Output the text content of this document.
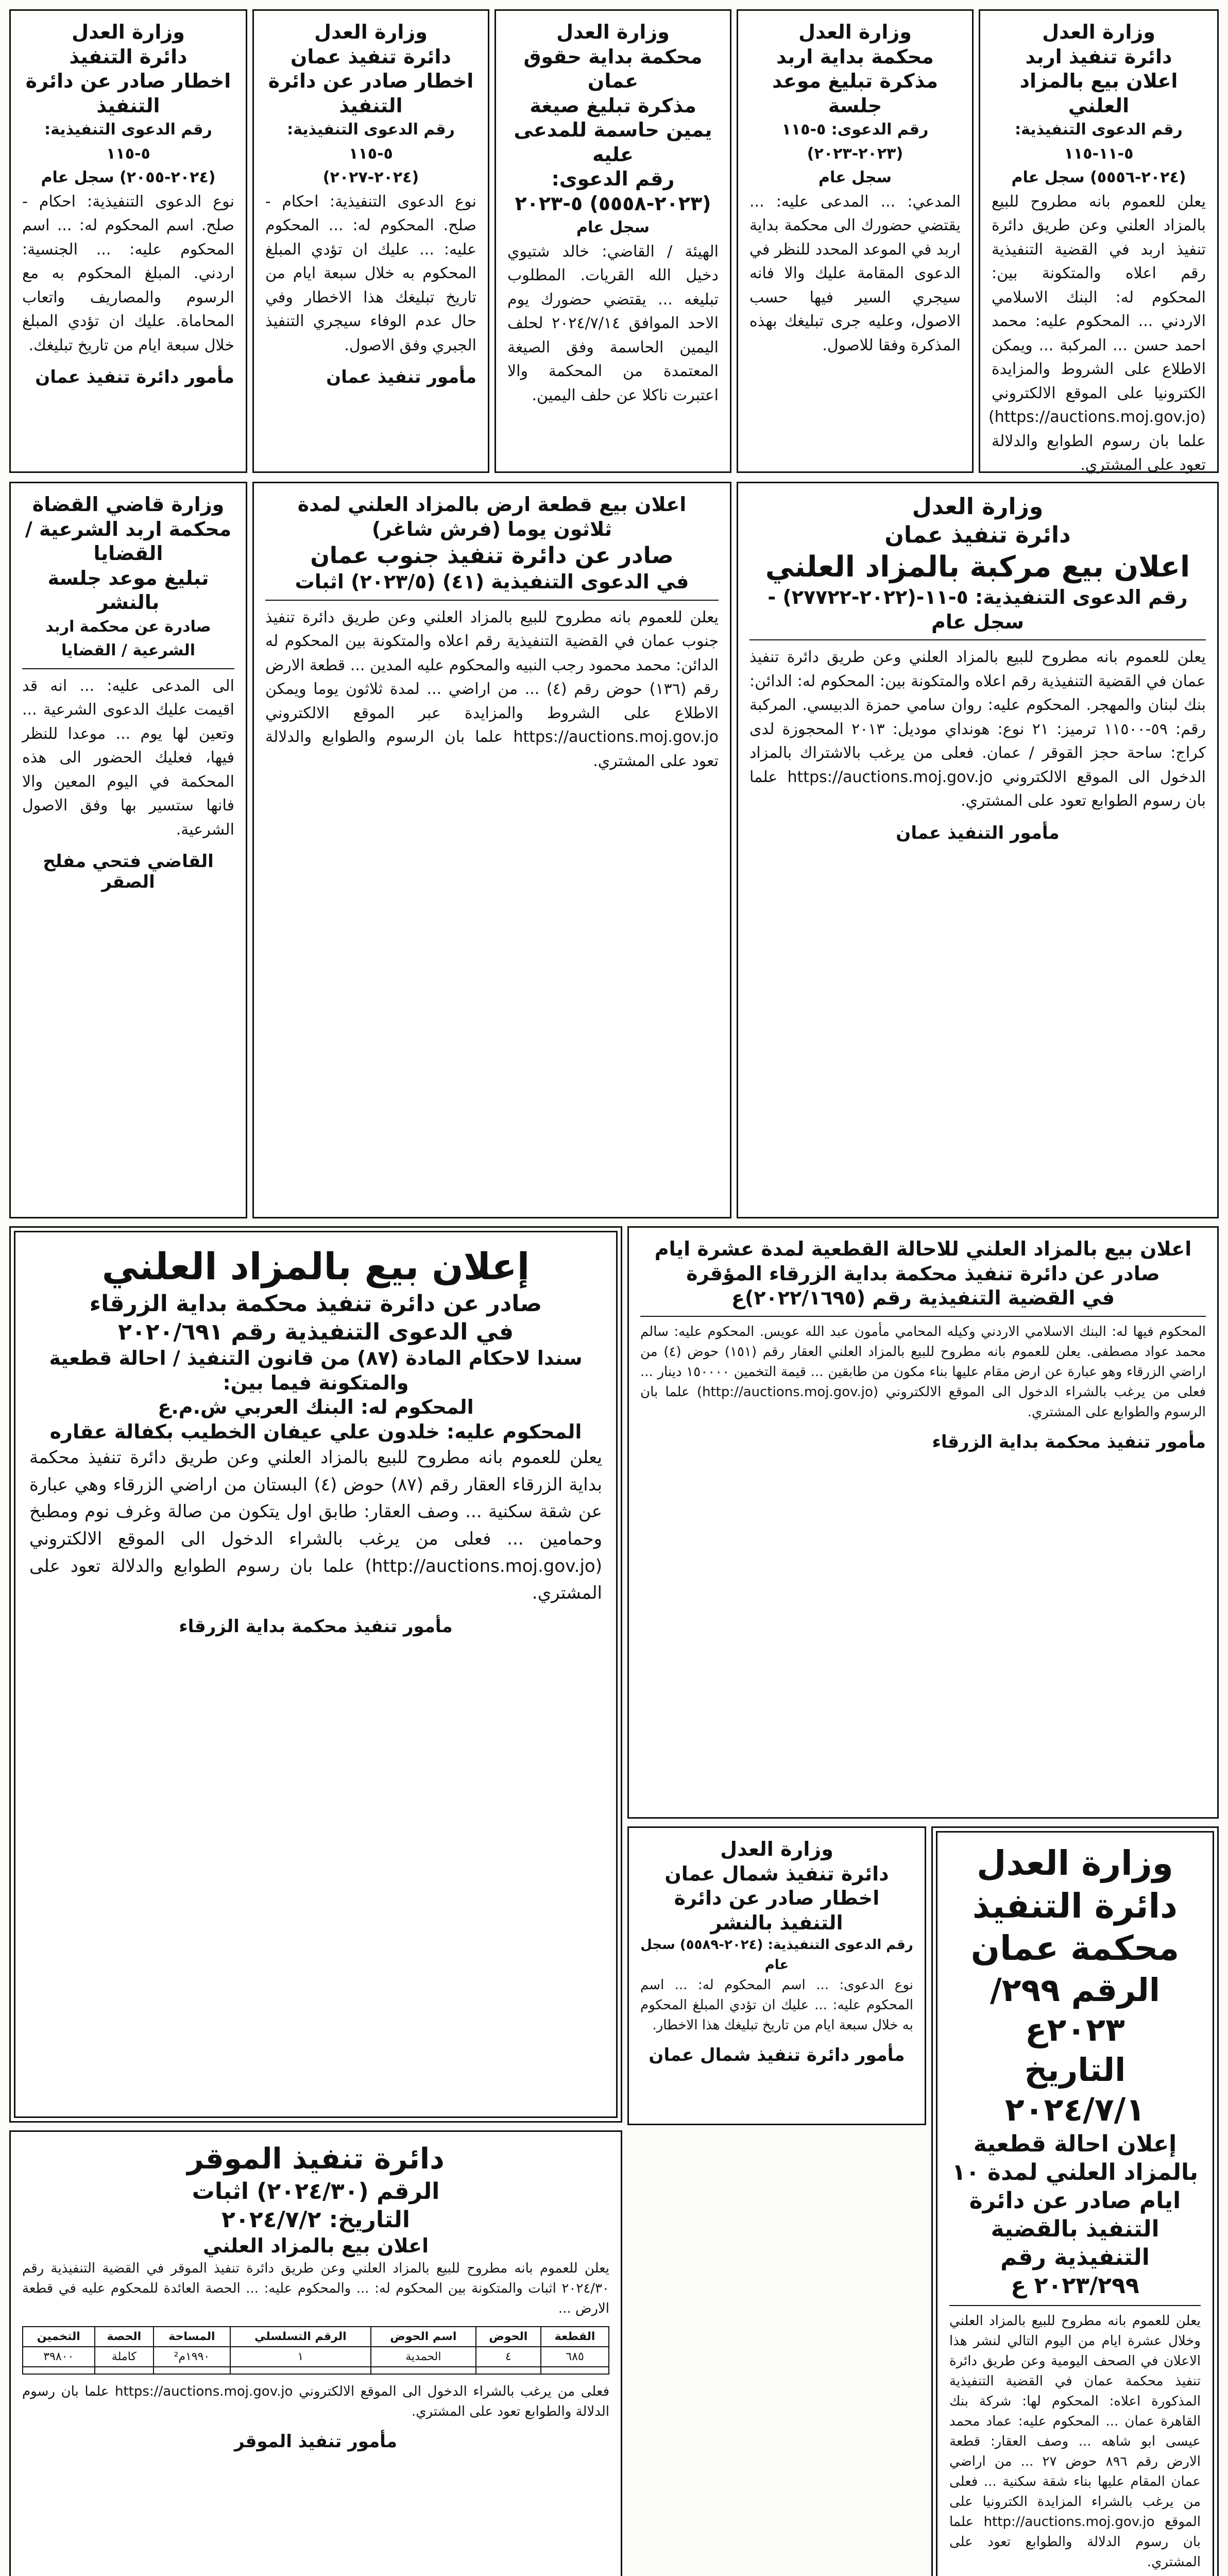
وزارة العدل
دائرة تنفيذ اربد
اعلان بيع بالمزاد العلني
رقم الدعوى التنفيذية: ٥-١١-١١٥
(٢٠٢٤-٥٥٥٦) سجل عام
يعلن للعموم بانه مطروح للبيع بالمزاد العلني وعن طريق دائرة تنفيذ اربد في القضية التنفيذية رقم اعلاه والمتكونة بين: المحكوم له: البنك الاسلامي الاردني ... المحكوم عليه: محمد احمد حسن ... المركبة ... ويمكن الاطلاع على الشروط والمزايدة الكترونيا على الموقع الالكتروني (https://auctions.moj.gov.jo) علما بان رسوم الطوابع والدلالة تعود على المشتري.
وزارة العدل
محكمة بداية اربد
مذكرة تبليغ موعد جلسة
رقم الدعوى: ٥-١١٥ (٢٠٢٣-٢٠٢٣)
سجل عام
المدعي: ... المدعى عليه: ... يقتضي حضورك الى محكمة بداية اربد في الموعد المحدد للنظر في الدعوى المقامة عليك والا فانه سيجري السير فيها حسب الاصول، وعليه جرى تبليغك بهذه المذكرة وفقا للاصول.
وزارة العدل
محكمة بداية حقوق عمان
مذكرة تبليغ صيغة يمين حاسمة للمدعى عليه
رقم الدعوى: (٢٠٢٣-٥٥٥٨) ٥-٢٠٢٣
سجل عام
الهيئة / القاضي: خالد شتيوي دخيل الله القريات. المطلوب تبليغه ... يقتضي حضورك يوم الاحد الموافق ٢٠٢٤/٧/١٤ لحلف اليمين الحاسمة وفق الصيغة المعتمدة من المحكمة والا اعتبرت ناكلا عن حلف اليمين.
وزارة العدل
دائرة تنفيذ عمان
اخطار صادر عن دائرة التنفيذ
رقم الدعوى التنفيذية: ٥-١١٥
(٢٠٢٤-٢٠٢٧)
نوع الدعوى التنفيذية: احكام - صلح. المحكوم له: ... المحكوم عليه: ... عليك ان تؤدي المبلغ المحكوم به خلال سبعة ايام من تاريخ تبليغك هذا الاخطار وفي حال عدم الوفاء سيجري التنفيذ الجبري وفق الاصول.
مأمور تنفيذ عمان
وزارة العدل
دائرة التنفيذ
اخطار صادر عن دائرة التنفيذ
رقم الدعوى التنفيذية: ٥-١١٥
(٢٠٢٤-٢٠٥٥) سجل عام
نوع الدعوى التنفيذية: احكام - صلح. اسم المحكوم له: ... اسم المحكوم عليه: ... الجنسية: اردني. المبلغ المحكوم به مع الرسوم والمصاريف واتعاب المحاماة. عليك ان تؤدي المبلغ خلال سبعة ايام من تاريخ تبليغك.
مأمور دائرة تنفيذ عمان
وزارة العدل
دائرة تنفيذ عمان
اعلان بيع مركبة بالمزاد العلني
رقم الدعوى التنفيذية: ٥-١١-(٢٠٢٢-٢٧٧٢٢) - سجل عام
يعلن للعموم بانه مطروح للبيع بالمزاد العلني وعن طريق دائرة تنفيذ عمان في القضية التنفيذية رقم اعلاه والمتكونة بين: المحكوم له: الدائن: بنك لبنان والمهجر. المحكوم عليه: روان سامي حمزة الدبيسي. المركبة رقم: ٥٩-١١٥٠٠ ترميز: ٢١ نوع: هونداي موديل: ٢٠١٣ المحجوزة لدى كراج: ساحة حجز القوقر / عمان. فعلى من يرغب بالاشتراك بالمزاد الدخول الى الموقع الالكتروني https://auctions.moj.gov.jo علما بان رسوم الطوابع تعود على المشتري.
مأمور التنفيذ عمان
اعلان بيع قطعة ارض بالمزاد العلني لمدة ثلاثون يوما (فرش شاغر)
صادر عن دائرة تنفيذ جنوب عمان
في الدعوى التنفيذية (٤١) (٢٠٢٣/٥) اثبات
يعلن للعموم بانه مطروح للبيع بالمزاد العلني وعن طريق دائرة تنفيذ جنوب عمان في القضية التنفيذية رقم اعلاه والمتكونة بين المحكوم له الدائن: محمد محمود رجب النبيه والمحكوم عليه المدين ... قطعة الارض رقم (١٣٦) حوض رقم (٤) ... من اراضي ... لمدة ثلاثون يوما ويمكن الاطلاع على الشروط والمزايدة عبر الموقع الالكتروني https://auctions.moj.gov.jo علما بان الرسوم والطوابع والدلالة تعود على المشتري.
وزارة قاضي القضاة
محكمة اربد الشرعية / القضايا
تبليغ موعد جلسة بالنشر
صادرة عن محكمة اربد الشرعية / القضايا
الى المدعى عليه: ... انه قد اقيمت عليك الدعوى الشرعية ... وتعين لها يوم ... موعدا للنظر فيها، فعليك الحضور الى هذه المحكمة في اليوم المعين والا فانها ستسير بها وفق الاصول الشرعية.
القاضي فتحي مفلح الصقر
إعلان بيع بالمزاد العلني
صادر عن دائرة تنفيذ محكمة بداية الزرقاء
في الدعوى التنفيذية رقم ٢٠٢٠/٦٩١
سندا لاحكام المادة (٨٧) من قانون التنفيذ / احالة قطعية والمتكونة فيما بين:
المحكوم له: البنك العربي ش.م.ع
المحكوم عليه: خلدون علي عيفان الخطيب بكفالة عقاره
يعلن للعموم بانه مطروح للبيع بالمزاد العلني وعن طريق دائرة تنفيذ محكمة بداية الزرقاء العقار رقم (٨٧) حوض (٤) البستان من اراضي الزرقاء وهي عبارة عن شقة سكنية ... وصف العقار: طابق اول يتكون من صالة وغرف نوم ومطبخ وحمامين ... فعلى من يرغب بالشراء الدخول الى الموقع الالكتروني (http://auctions.moj.gov.jo) علما بان رسوم الطوابع والدلالة تعود على المشتري.
مأمور تنفيذ محكمة بداية الزرقاء
اعلان بيع بالمزاد العلني للاحالة القطعية لمدة عشرة ايام
صادر عن دائرة تنفيذ محكمة بداية الزرقاء المؤقرة
في القضية التنفيذية رقم (٢٠٢٢/١٦٩٥)ع
المحكوم فيها له: البنك الاسلامي الاردني وكيله المحامي مأمون عبد الله عويس. المحكوم عليه: سالم محمد عواد مصطفى. يعلن للعموم بانه مطروح للبيع بالمزاد العلني العقار رقم (١٥١) حوض (٤) من اراضي الزرقاء وهو عبارة عن ارض مقام عليها بناء مكون من طابقين ... قيمة التخمين ١٥٠٠٠٠ دينار ... فعلى من يرغب بالشراء الدخول الى الموقع الالكتروني (http://auctions.moj.gov.jo) علما بان الرسوم والطوابع على المشتري.
مأمور تنفيذ محكمة بداية الزرقاء
وزارة العدل
دائرة تنفيذ شمال عمان
اخطار صادر عن دائرة التنفيذ بالنشر
رقم الدعوى التنفيذية: (٢٠٢٤-٥٥٨٩) سجل عام
نوع الدعوى: ... اسم المحكوم له: ... اسم المحكوم عليه: ... عليك ان تؤدي المبلغ المحكوم به خلال سبعة ايام من تاريخ تبليغك هذا الاخطار.
مأمور دائرة تنفيذ شمال عمان
وزارة العدل
دائرة التنفيذ
محكمة عمان
الرقم ٢٩٩/ ٢٠٢٣ع
التاريخ ٢٠٢٤/٧/١
إعلان احالة قطعية بالمزاد العلني لمدة ١٠ ايام صادر عن دائرة التنفيذ بالقضية التنفيذية رقم ٢٠٢٣/٢٩٩ ع
يعلن للعموم بانه مطروح للبيع بالمزاد العلني وخلال عشرة ايام من اليوم التالي لنشر هذا الاعلان في الصحف اليومية وعن طريق دائرة تنفيذ محكمة عمان في القضية التنفيذية المذكورة اعلاه: المحكوم لها: شركة بنك القاهرة عمان ... المحكوم عليه: عماد محمد عيسى ابو شاهه ... وصف العقار: قطعة الارض رقم ٨٩٦ حوض ٢٧ ... من اراضي عمان المقام عليها بناء شقة سكنية ... فعلى من يرغب بالشراء المزايدة الكترونيا على الموقع http://auctions.moj.gov.jo علما بان رسوم الدلالة والطوابع تعود على المشتري.
دائرة تنفيذ الموقر
الرقم (٢٠٢٤/٣٠) اثبات
التاريخ: ٢٠٢٤/٧/٢
اعلان بيع بالمزاد العلني
يعلن للعموم بانه مطروح للبيع بالمزاد العلني وعن طريق دائرة تنفيذ الموقر في القضية التنفيذية رقم ٢٠٢٤/٣٠ اثبات والمتكونة بين المحكوم له: ... والمحكوم عليه: ... الحصة العائدة للمحكوم عليه في قطعة الارض ...
القطعة	الحوض	اسم الحوض	الرقم التسلسلي	المساحة	الحصة	التخمين
٦٨٥	٤	الحمدية	١	١٩٩٠م²	كاملة	٣٩٨٠٠

فعلى من يرغب بالشراء الدخول الى الموقع الالكتروني https://auctions.moj.gov.jo علما بان رسوم الدلالة والطوابع تعود على المشتري.
مأمور تنفيذ الموقر
